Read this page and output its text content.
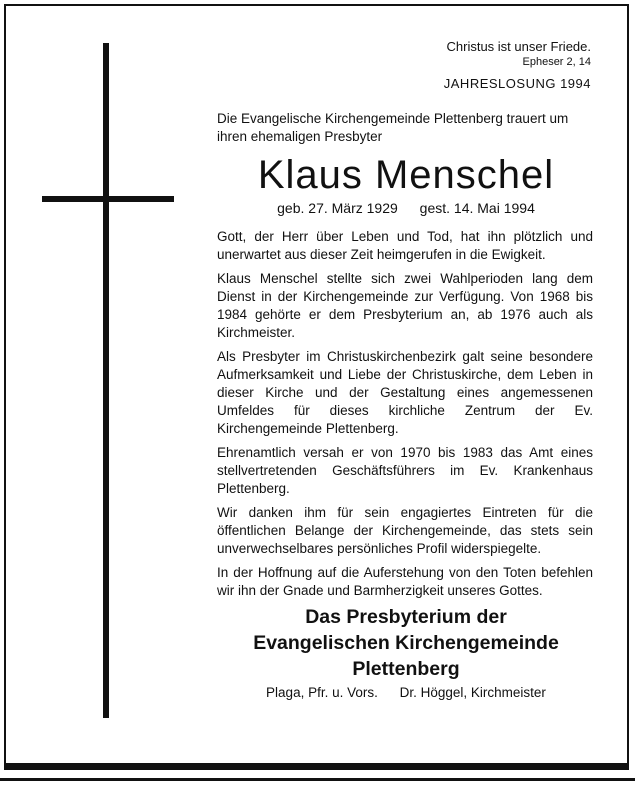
Christus ist unser Friede.
Epheser 2, 14
JAHRESLOSUNG 1994
Die Evangelische Kirchengemeinde Plettenberg trauert um ihren ehemaligen Presbyter
Klaus Menschel
geb. 27. März 1929 gest. 14. Mai 1994

Gott, der Herr über Leben und Tod, hat ihn plötzlich und unerwartet aus dieser Zeit heimgerufen in die Ewigkeit.

Klaus Menschel stellte sich zwei Wahlperioden lang dem Dienst in der Kirchengemeinde zur Verfügung. Von 1968 bis 1984 gehörte er dem Presbyterium an, ab 1976 auch als Kirchmeister.

Als Presbyter im Christuskirchenbezirk galt seine besondere Aufmerksamkeit und Liebe der Christuskirche, dem Leben in dieser Kirche und der Gestaltung eines angemessenen Umfeldes für dieses kirchliche Zentrum der Ev. Kirchengemeinde Plettenberg.

Ehrenamtlich versah er von 1970 bis 1983 das Amt eines stellvertretenden Geschäftsführers im Ev. Krankenhaus Plettenberg.

Wir danken ihm für sein engagiertes Eintreten für die öffentlichen Belange der Kirchengemeinde, das stets sein unverwechselbares persönliches Profil widerspiegelte.

In der Hoffnung auf die Auferstehung von den Toten befehlen wir ihn der Gnade und Barmherzigkeit unseres Gottes.

Das Presbyterium der
Evangelischen Kirchengemeinde
Plettenberg
Plaga, Pfr. u. Vors. Dr. Höggel, Kirchmeister
